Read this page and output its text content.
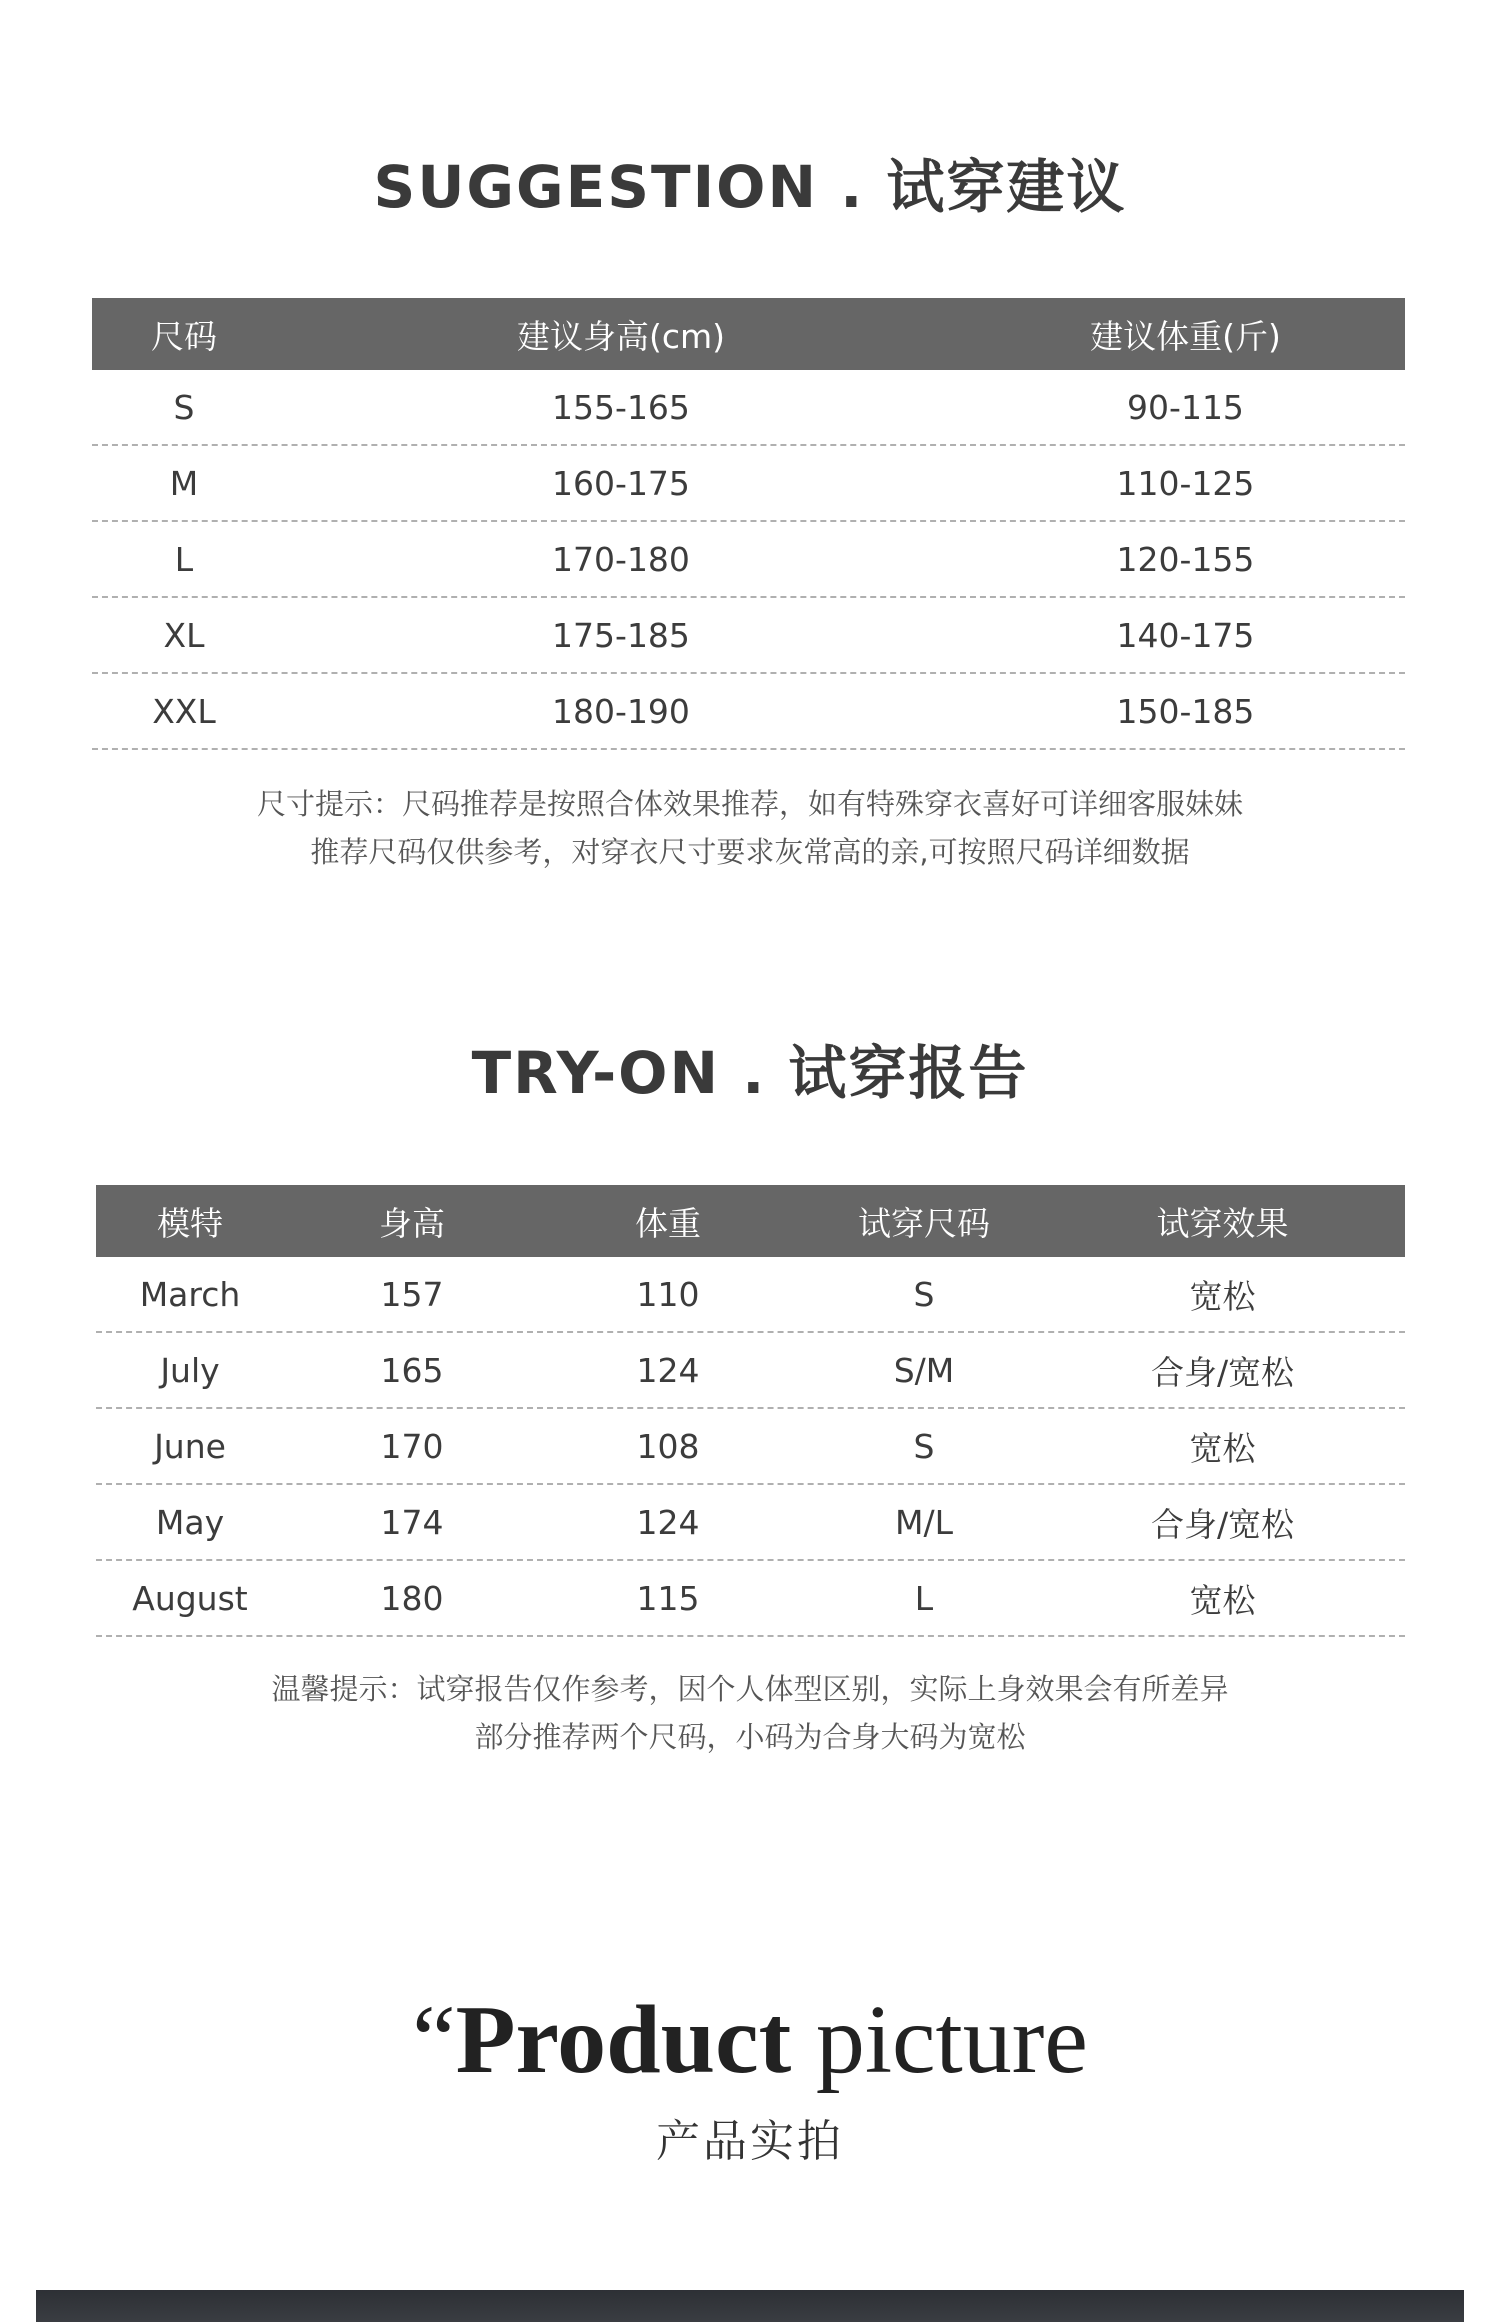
SUGGESTION . 试穿建议
尺码	建议身高(cm)	建议体重(斤)
S	155-165	90-115
M	160-175	110-125
L	170-180	120-155
XL	175-185	140-175
XXL	180-190	150-185
尺寸提示：尺码推荐是按照合体效果推荐，如有特殊穿衣喜好可详细客服妹妹
推荐尺码仅供参考，对穿衣尺寸要求灰常高的亲,可按照尺码详细数据
TRY-ON . 试穿报告
模特	身高	体重	试穿尺码	试穿效果
March	157	110	S	宽松
July	165	124	S/M	合身/宽松
June	170	108	S	宽松
May	174	124	M/L	合身/宽松
August	180	115	L	宽松
温馨提示：试穿报告仅作参考，因个人体型区别，实际上身效果会有所差异
部分推荐两个尺码，小码为合身大码为宽松
“Product picture
产品实拍
